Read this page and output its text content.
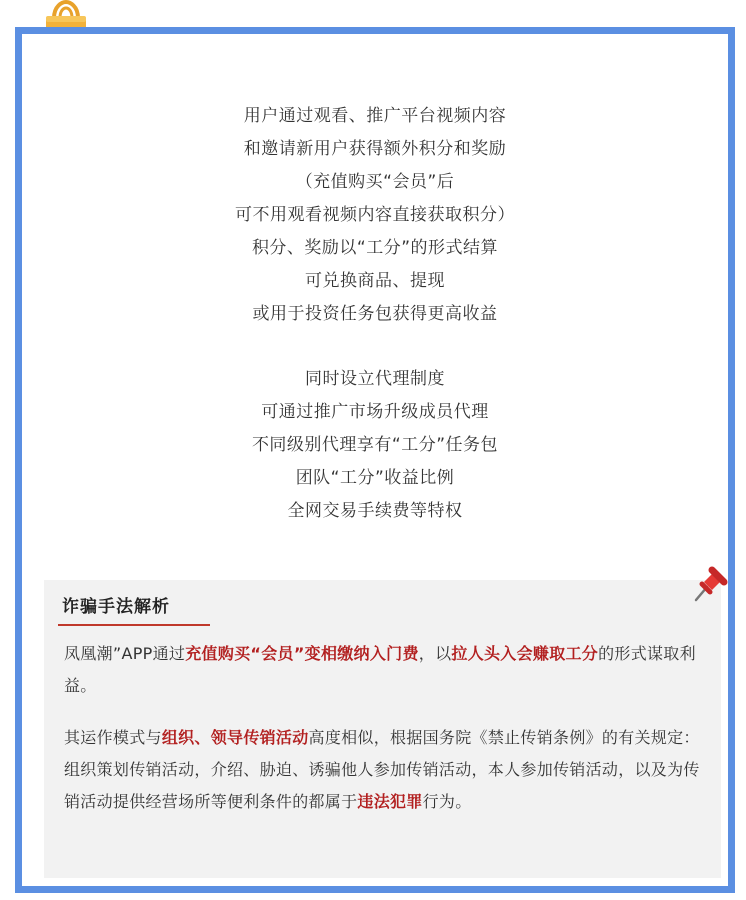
用户通过观看、推广平台视频内容
和邀请新用户获得额外积分和奖励
（充值购买“会员”后
可不用观看视频内容直接获取积分）
积分、奖励以“工分”的形式结算
可兑换商品、提现
或用于投资任务包获得更高收益
同时设立代理制度
可通过推广市场升级成员代理
不同级别代理享有“工分”任务包
团队“工分”收益比例
全网交易手续费等特权
诈骗手法解析
凤凰潮”APP通过充值购买“会员”变相缴纳入门费，以拉人头入会赚取工分的形式谋取利益。
其运作模式与组织、领导传销活动高度相似，根据国务院《禁止传销条例》的有关规定：组织策划传销活动，介绍、胁迫、诱骗他人参加传销活动，本人参加传销活动，以及为传销活动提供经营场所等便利条件的都属于违法犯罪行为。
